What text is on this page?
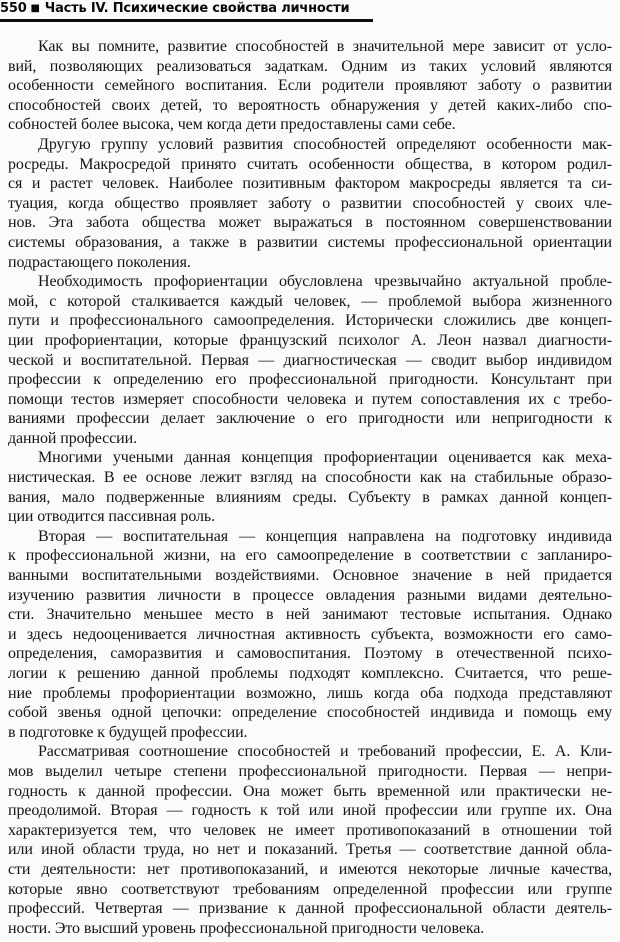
550 ■ Часть IV. Психические свойства личности
Как вы помните, развитие способностей в значительной мере зависит от усло-
вий, позволяющих реализоваться задаткам. Одним из таких условий являются
особенности семейного воспитания. Если родители проявляют заботу о развитии
способностей своих детей, то вероятность обнаружения у детей каких-либо спо-
собностей более высока, чем когда дети предоставлены сами себе.
Другую группу условий развития способностей определяют особенности мак-
росреды. Макросредой принято считать особенности общества, в котором родил-
ся и растет человек. Наиболее позитивным фактором макросреды является та си-
туация, когда общество проявляет заботу о развитии способностей у своих чле-
нов. Эта забота общества может выражаться в постоянном совершенствовании
системы образования, а также в развитии системы профессиональной ориентации
подрастающего поколения.
Необходимость профориентации обусловлена чрезвычайно актуальной пробле-
мой, с которой сталкивается каждый человек, — проблемой выбора жизненного
пути и профессионального самоопределения. Исторически сложились две концеп-
ции профориентации, которые французский психолог А. Леон назвал диагности-
ческой и воспитательной. Первая — диагностическая — сводит выбор индивидом
профессии к определению его профессиональной пригодности. Консультант при
помощи тестов измеряет способности человека и путем сопоставления их с требо-
ваниями профессии делает заключение о его пригодности или непригодности к
данной профессии.
Многими учеными данная концепция профориентации оценивается как меха-
нистическая. В ее основе лежит взгляд на способности как на стабильные образо-
вания, мало подверженные влияниям среды. Субъекту в рамках данной концеп-
ции отводится пассивная роль.
Вторая — воспитательная — концепция направлена на подготовку индивида
к профессиональной жизни, на его самоопределение в соответствии с запланиро-
ванными воспитательными воздействиями. Основное значение в ней придается
изучению развития личности в процессе овладения разными видами деятельно-
сти. Значительно меньшее место в ней занимают тестовые испытания. Однако
и здесь недооценивается личностная активность субъекта, возможности его само-
определения, саморазвития и самовоспитания. Поэтому в отечественной психо-
логии к решению данной проблемы подходят комплексно. Считается, что реше-
ние проблемы профориентации возможно, лишь когда оба подхода представляют
собой звенья одной цепочки: определение способностей индивида и помощь ему
в подготовке к будущей профессии.
Рассматривая соотношение способностей и требований профессии, Е. А. Кли-
мов выделил четыре степени профессиональной пригодности. Первая — непри-
годность к данной профессии. Она может быть временной или практически не-
преодолимой. Вторая — годность к той или иной профессии или группе их. Она
характеризуется тем, что человек не имеет противопоказаний в отношении той
или иной области труда, но нет и показаний. Третья — соответствие данной обла-
сти деятельности: нет противопоказаний, и имеются некоторые личные качества,
которые явно соответствуют требованиям определенной профессии или группе
профессий. Четвертая — призвание к данной профессиональной области деятель-
ности. Это высший уровень профессиональной пригодности человека.
